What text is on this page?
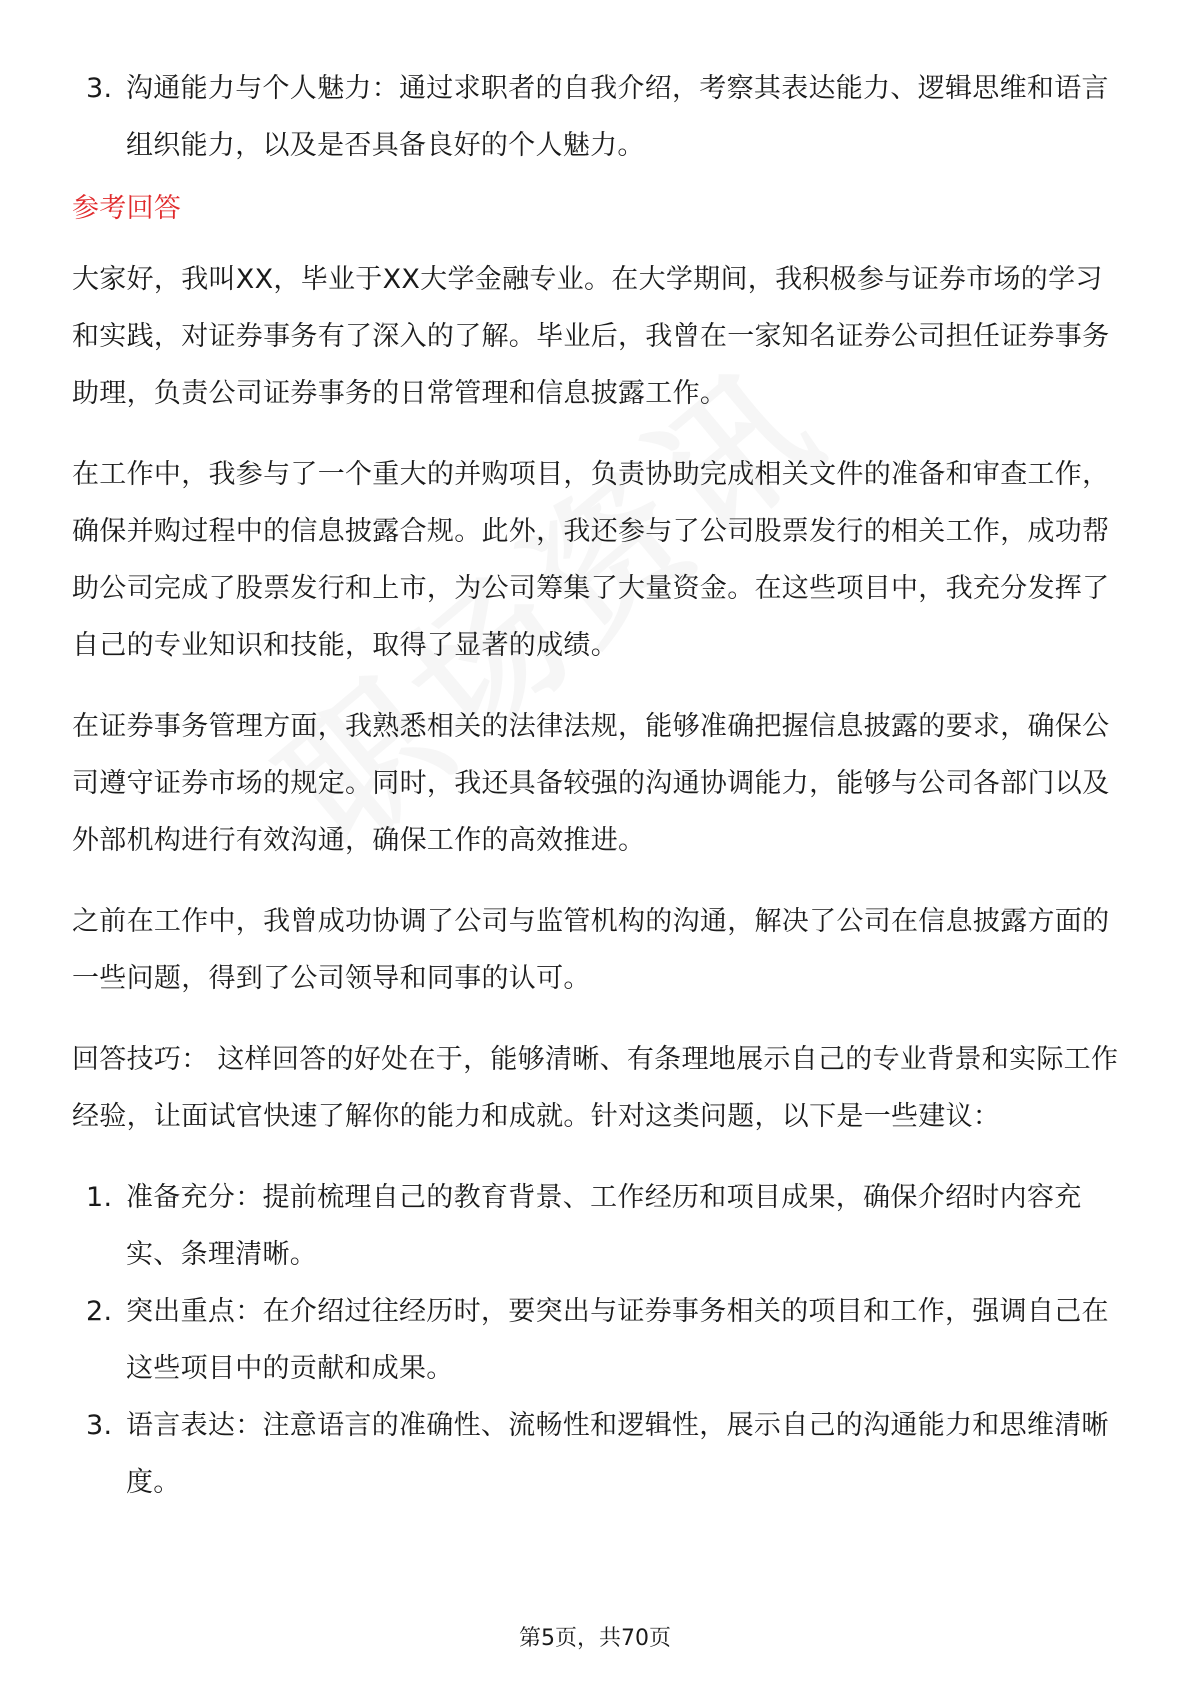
3. 沟通能力与个人魅力：通过求职者的自我介绍，考察其表达能力、逻辑思维和语言组织能力，以及是否具备良好的个人魅力。

参考回答

大家好，我叫XX，毕业于XX大学金融专业。在大学期间，我积极参与证券市场的学习和实践，对证券事务有了深入的了解。毕业后，我曾在一家知名证券公司担任证券事务助理，负责公司证券事务的日常管理和信息披露工作。

在工作中，我参与了一个重大的并购项目，负责协助完成相关文件的准备和审查工作，确保并购过程中的信息披露合规。此外，我还参与了公司股票发行的相关工作，成功帮助公司完成了股票发行和上市，为公司筹集了大量资金。在这些项目中，我充分发挥了自己的专业知识和技能，取得了显著的成绩。

在证券事务管理方面，我熟悉相关的法律法规，能够准确把握信息披露的要求，确保公司遵守证券市场的规定。同时，我还具备较强的沟通协调能力，能够与公司各部门以及外部机构进行有效沟通，确保工作的高效推进。

之前在工作中，我曾成功协调了公司与监管机构的沟通，解决了公司在信息披露方面的一些问题，得到了公司领导和同事的认可。

回答技巧： 这样回答的好处在于，能够清晰、有条理地展示自己的专业背景和实际工作经验，让面试官快速了解你的能力和成就。针对这类问题，以下是一些建议：

1. 准备充分：提前梳理自己的教育背景、工作经历和项目成果，确保介绍时内容充实、条理清晰。
2. 突出重点：在介绍过往经历时，要突出与证券事务相关的项目和工作，强调自己在这些项目中的贡献和成果。
3. 语言表达：注意语言的准确性、流畅性和逻辑性，展示自己的沟通能力和思维清晰度。
第5页，共70页
